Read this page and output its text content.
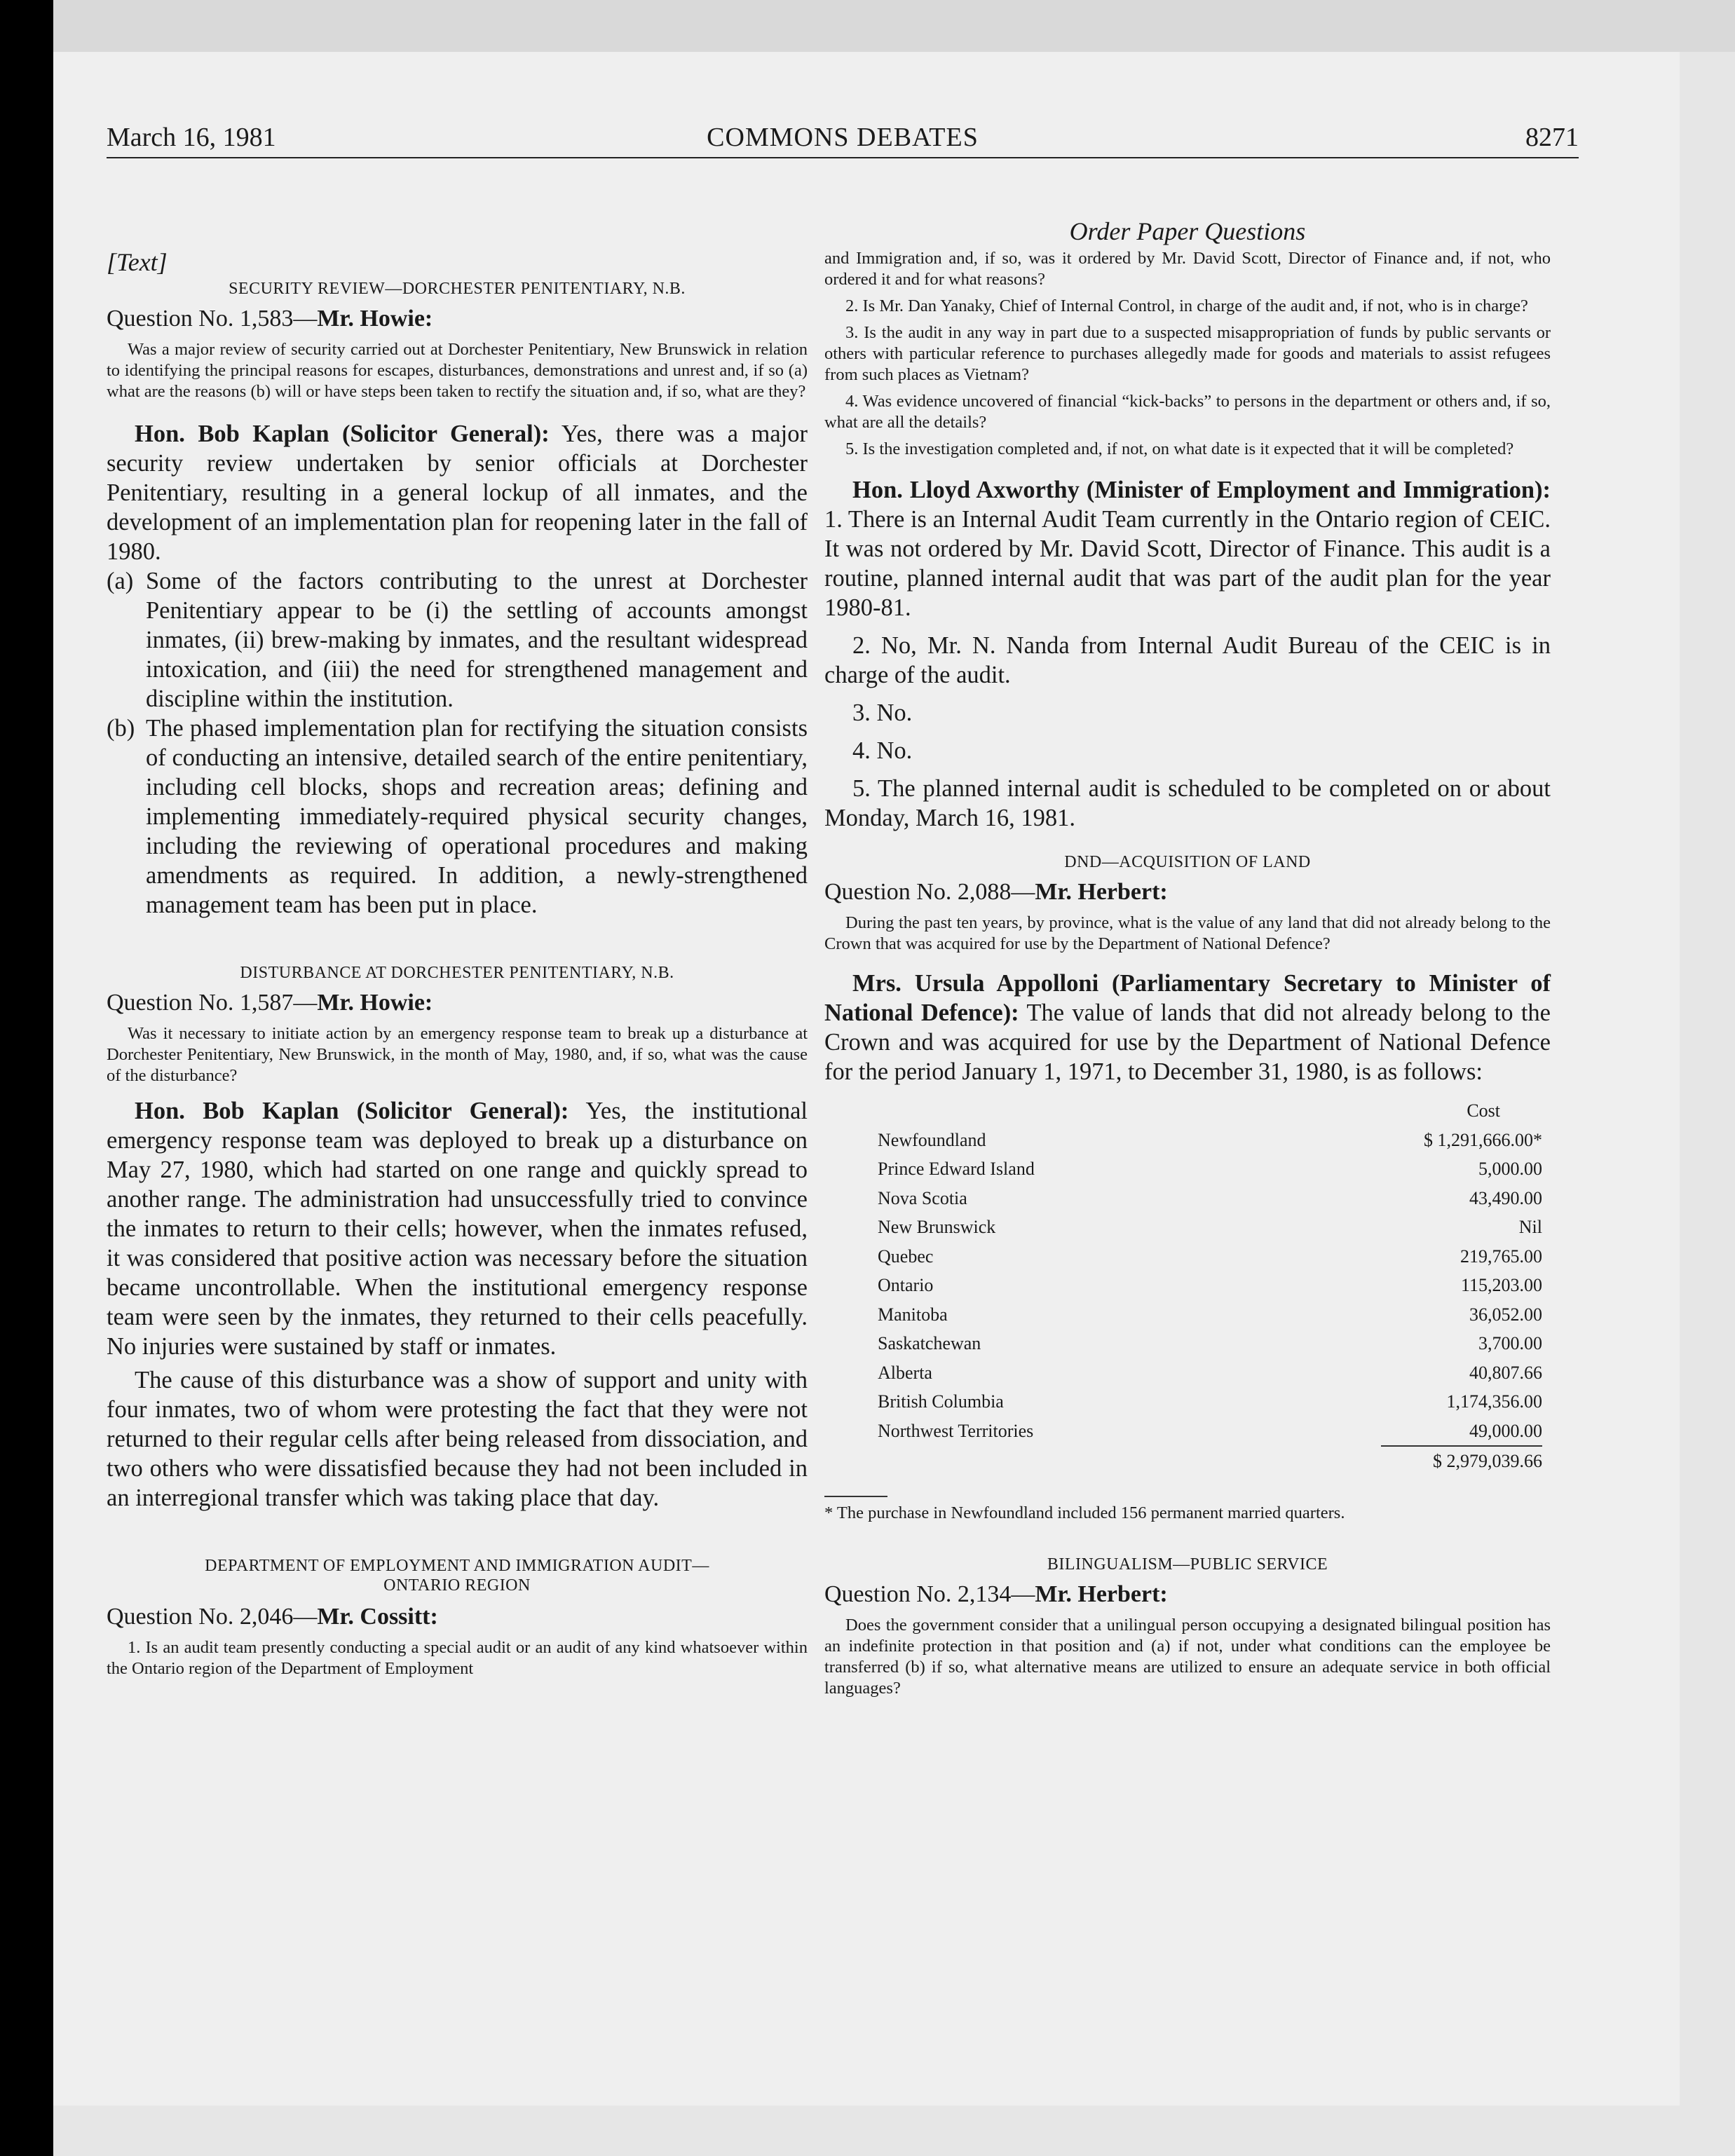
March 16, 1981	COMMONS DEBATES	8271

[Text]

SECURITY REVIEW—DORCHESTER PENITENTIARY, N.B.

Question No. 1,583—Mr. Howie:

Was a major review of security carried out at Dorchester Penitentiary, New Brunswick in relation to identifying the principal reasons for escapes, disturbances, demonstrations and unrest and, if so (a) what are the reasons (b) will or have steps been taken to rectify the situation and, if so, what are they?

Hon. Bob Kaplan (Solicitor General): Yes, there was a major security review undertaken by senior officials at Dorchester Penitentiary, resulting in a general lockup of all inmates, and the development of an implementation plan for reopening later in the fall of 1980.

(a) Some of the factors contributing to the unrest at Dorchester Penitentiary appear to be (i) the settling of accounts amongst inmates, (ii) brew-making by inmates, and the resultant widespread intoxication, and (iii) the need for strengthened management and discipline within the institution.
(b) The phased implementation plan for rectifying the situation consists of conducting an intensive, detailed search of the entire penitentiary, including cell blocks, shops and recreation areas; defining and implementing immediately-required physical security changes, including the reviewing of operational procedures and making amendments as required. In addition, a newly-strengthened management team has been put in place.

DISTURBANCE AT DORCHESTER PENITENTIARY, N.B.

Question No. 1,587—Mr. Howie:

Was it necessary to initiate action by an emergency response team to break up a disturbance at Dorchester Penitentiary, New Brunswick, in the month of May, 1980, and, if so, what was the cause of the disturbance?

Hon. Bob Kaplan (Solicitor General): Yes, the institutional emergency response team was deployed to break up a disturbance on May 27, 1980, which had started on one range and quickly spread to another range. The administration had unsuccessfully tried to convince the inmates to return to their cells; however, when the inmates refused, it was considered that positive action was necessary before the situation became uncontrollable. When the institutional emergency response team were seen by the inmates, they returned to their cells peacefully. No injuries were sustained by staff or inmates.

The cause of this disturbance was a show of support and unity with four inmates, two of whom were protesting the fact that they were not returned to their regular cells after being released from dissociation, and two others who were dissatisfied because they had not been included in an interregional transfer which was taking place that day.

DEPARTMENT OF EMPLOYMENT AND IMMIGRATION AUDIT—

ONTARIO REGION

Question No. 2,046—Mr. Cossitt:

1. Is an audit team presently conducting a special audit or an audit of any kind whatsoever within the Ontario region of the Department of Employment

Order Paper Questions

and Immigration and, if so, was it ordered by Mr. David Scott, Director of Finance and, if not, who ordered it and for what reasons?

2. Is Mr. Dan Yanaky, Chief of Internal Control, in charge of the audit and, if not, who is in charge?

3. Is the audit in any way in part due to a suspected misappropriation of funds by public servants or others with particular reference to purchases allegedly made for goods and materials to assist refugees from such places as Vietnam?

4. Was evidence uncovered of financial “kick-backs” to persons in the department or others and, if so, what are all the details?

5. Is the investigation completed and, if not, on what date is it expected that it will be completed?

Hon. Lloyd Axworthy (Minister of Employment and Immigration): 1. There is an Internal Audit Team currently in the Ontario region of CEIC. It was not ordered by Mr. David Scott, Director of Finance. This audit is a routine, planned internal audit that was part of the audit plan for the year 1980-81.

2. No, Mr. N. Nanda from Internal Audit Bureau of the CEIC is in charge of the audit.

3. No.

4. No.

5. The planned internal audit is scheduled to be completed on or about Monday, March 16, 1981.

DND—ACQUISITION OF LAND

Question No. 2,088—Mr. Herbert:

During the past ten years, by province, what is the value of any land that did not already belong to the Crown that was acquired for use by the Department of National Defence?

Mrs. Ursula Appolloni (Parliamentary Secretary to Minister of National Defence): The value of lands that did not already belong to the Crown and was acquired for use by the Department of National Defence for the period January 1, 1971, to December 31, 1980, is as follows:

Cost
Newfoundland	$ 1,291,666.00*
Prince Edward Island	5,000.00
Nova Scotia	43,490.00
New Brunswick	Nil
Quebec	219,765.00
Ontario	115,203.00
Manitoba	36,052.00
Saskatchewan	3,700.00
Alberta	40,807.66
British Columbia	1,174,356.00
Northwest Territories	49,000.00
$ 2,979,039.66

* The purchase in Newfoundland included 156 permanent married quarters.

BILINGUALISM—PUBLIC SERVICE

Question No. 2,134—Mr. Herbert:

Does the government consider that a unilingual person occupying a designated bilingual position has an indefinite protection in that position and (a) if not, under what conditions can the employee be transferred (b) if so, what alternative means are utilized to ensure an adequate service in both official languages?
